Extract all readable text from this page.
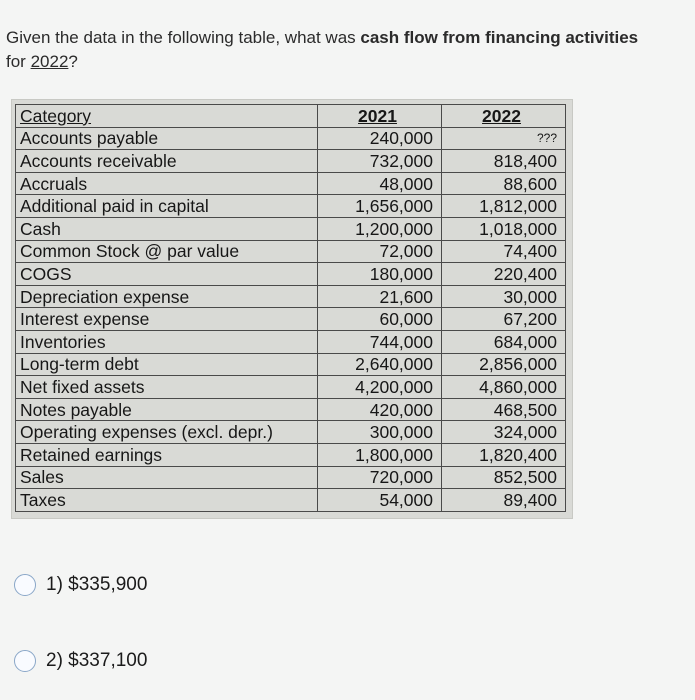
Given the data in the following table, what was cash flow from financing activities
for 2022?
Category	2021	2022
Accounts payable	240,000	???
Accounts receivable	732,000	818,400
Accruals	48,000	88,600
Additional paid in capital	1,656,000	1,812,000
Cash	1,200,000	1,018,000
Common Stock @ par value	72,000	74,400
COGS	180,000	220,400
Depreciation expense	21,600	30,000
Interest expense	60,000	67,200
Inventories	744,000	684,000
Long-term debt	2,640,000	2,856,000
Net fixed assets	4,200,000	4,860,000
Notes payable	420,000	468,500
Operating expenses (excl. depr.)	300,000	324,000
Retained earnings	1,800,000	1,820,400
Sales	720,000	852,500
Taxes	54,000	89,400
1) $335,900
2) $337,100
